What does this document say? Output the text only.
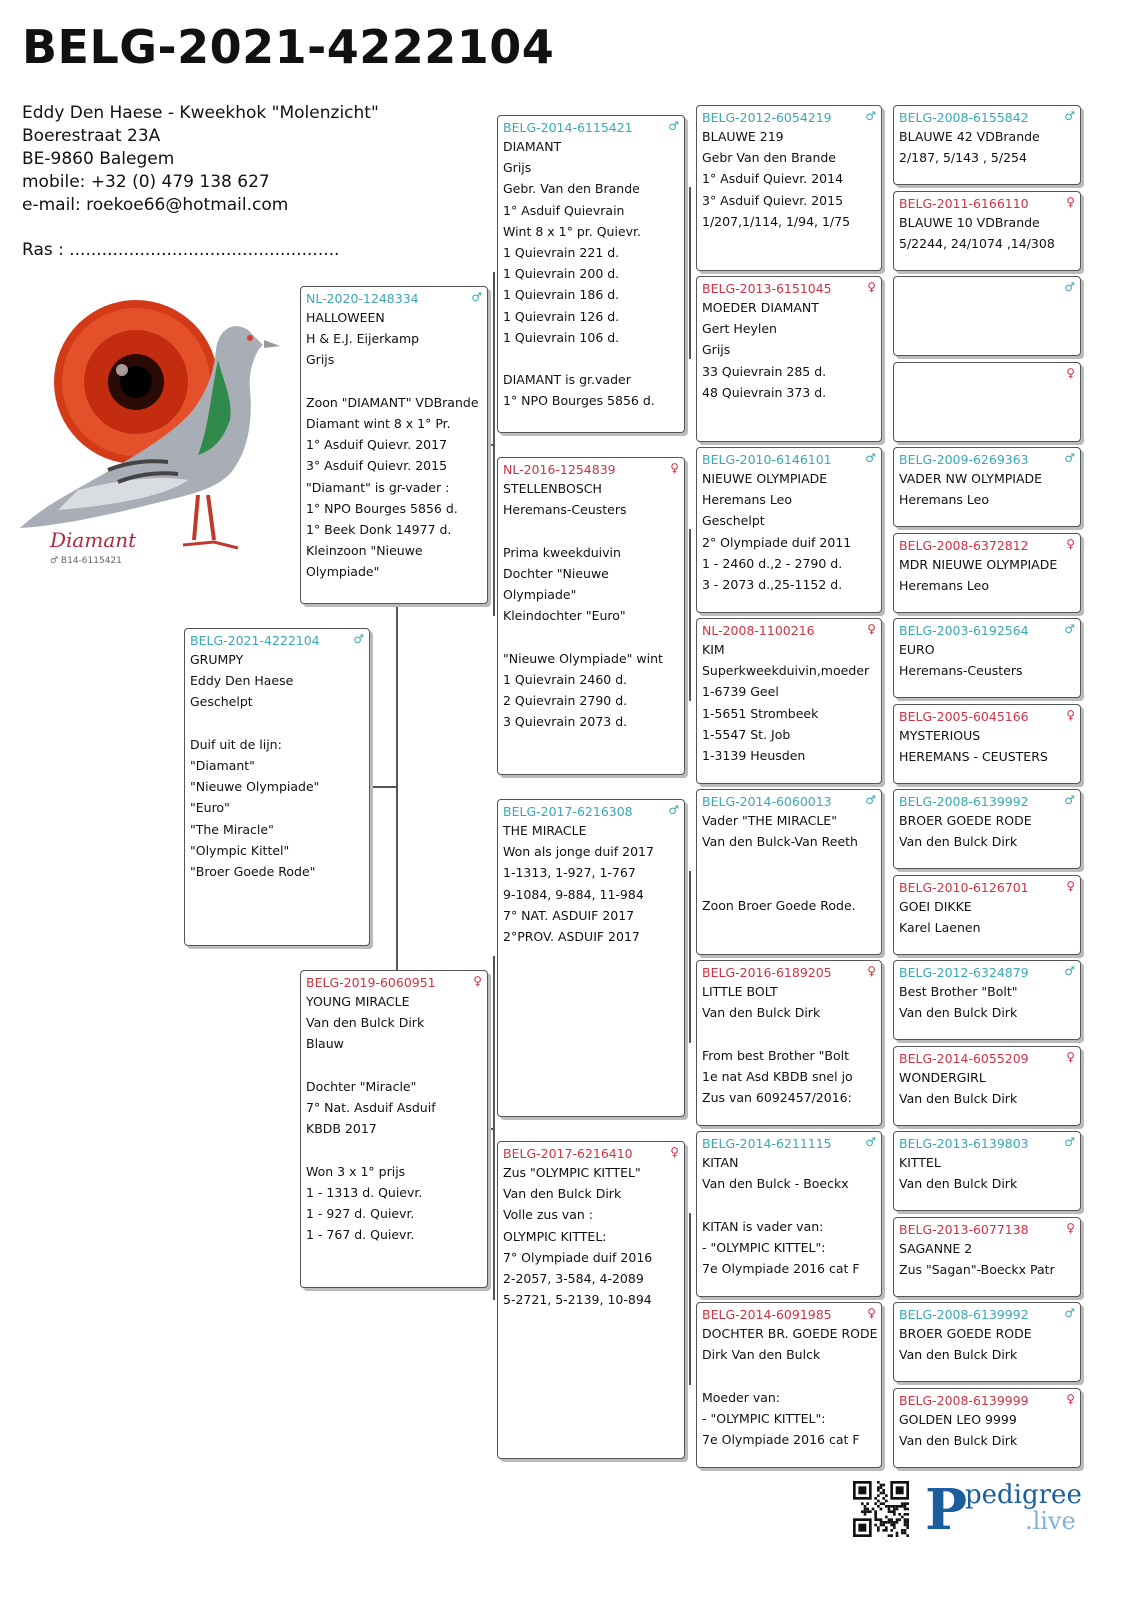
BELG-2021-4222104
Eddy Den Haese - Kweekhok "Molenzicht"
Boerestraat 23A
BE-9860 Balegem
mobile: +32 (0) 479 138 627
e-mail: roekoe66@hotmail.com
Ras : ..................................................
Diamant
♂ B14-6115421
BELG-2021-4222104	♂
GRUMPY
Eddy Den Haese
Geschelpt
Duif uit de lijn:
"Diamant"
"Nieuwe Olympiade"
"Euro"
"The Miracle"
"Olympic Kittel"
"Broer Goede Rode"
NL-2020-1248334	♂
HALLOWEEN
H & E.J. Eijerkamp
Grijs
Zoon "DIAMANT" VDBrande
Diamant wint 8 x 1° Pr.
1° Asduif Quievr. 2017
3° Asduif Quievr. 2015
"Diamant" is gr-vader :
1° NPO Bourges 5856 d.
1° Beek Donk 14977 d.
Kleinzoon "Nieuwe
Olympiade"
BELG-2019-6060951	♀
YOUNG MIRACLE
Van den Bulck Dirk
Blauw
Dochter "Miracle"
7° Nat. Asduif Asduif
KBDB 2017
Won 3 x 1° prijs
1 - 1313 d. Quievr.
1 - 927 d. Quievr.
1 - 767 d. Quievr.
BELG-2014-6115421	♂
DIAMANT
Grijs
Gebr. Van den Brande
1° Asduif Quievrain
Wint 8 x 1° pr. Quievr.
1 Quievrain 221 d.
1 Quievrain 200 d.
1 Quievrain 186 d.
1 Quievrain 126 d.
1 Quievrain 106 d.
DIAMANT is gr.vader
1° NPO Bourges 5856 d.
NL-2016-1254839	♀
STELLENBOSCH
Heremans-Ceusters
Prima kweekduivin
Dochter "Nieuwe
Olympiade"
Kleindochter "Euro"
"Nieuwe Olympiade" wint
1 Quievrain 2460 d.
2 Quievrain 2790 d.
3 Quievrain 2073 d.
BELG-2017-6216308	♂
THE MIRACLE
Won als jonge duif 2017
1-1313, 1-927, 1-767
9-1084, 9-884, 11-984
7° NAT. ASDUIF 2017
2°PROV. ASDUIF 2017
BELG-2017-6216410	♀
Zus "OLYMPIC KITTEL"
Van den Bulck Dirk
Volle zus van :
OLYMPIC KITTEL:
7° Olympiade duif 2016
2-2057, 3-584, 4-2089
5-2721, 5-2139, 10-894
BELG-2012-6054219	♂
BLAUWE 219
Gebr Van den Brande
1° Asduif Quievr. 2014
3° Asduif Quievr. 2015
1/207,1/114, 1/94, 1/75
BELG-2013-6151045	♀
MOEDER DIAMANT
Gert Heylen
Grijs
33 Quievrain 285 d.
48 Quievrain 373 d.
BELG-2010-6146101	♂
NIEUWE OLYMPIADE
Heremans Leo
Geschelpt
2° Olympiade duif 2011
1 - 2460 d.,2 - 2790 d.
3 - 2073 d.,25-1152 d.
NL-2008-1100216	♀
KIM
Superkweekduivin,moeder
1-6739 Geel
1-5651 Strombeek
1-5547 St. Job
1-3139 Heusden
BELG-2014-6060013	♂
Vader "THE MIRACLE"
Van den Bulck-Van Reeth
Zoon Broer Goede Rode.
BELG-2016-6189205	♀
LITTLE BOLT
Van den Bulck Dirk
From best Brother "Bolt
1e nat Asd KBDB snel jo
Zus van 6092457/2016:
BELG-2014-6211115	♂
KITAN
Van den Bulck - Boeckx
KITAN is vader van:
- "OLYMPIC KITTEL":
7e Olympiade 2016 cat F
BELG-2014-6091985	♀
DOCHTER BR. GOEDE RODE
Dirk Van den Bulck
Moeder van:
- "OLYMPIC KITTEL":
7e Olympiade 2016 cat F
BELG-2008-6155842	♂
BLAUWE 42 VDBrande
2/187, 5/143 , 5/254
BELG-2011-6166110	♀
BLAUWE 10 VDBrande
5/2244, 24/1074 ,14/308
♂
♀
BELG-2009-6269363	♂
VADER NW OLYMPIADE
Heremans Leo
BELG-2008-6372812	♀
MDR NIEUWE OLYMPIADE
Heremans Leo
BELG-2003-6192564	♂
EURO
Heremans-Ceusters
BELG-2005-6045166	♀
MYSTERIOUS
HEREMANS - CEUSTERS
BELG-2008-6139992	♂
BROER GOEDE RODE
Van den Bulck Dirk
BELG-2010-6126701	♀
GOEI DIKKE
Karel Laenen
BELG-2012-6324879	♂
Best Brother "Bolt"
Van den Bulck Dirk
BELG-2014-6055209	♀
WONDERGIRL
Van den Bulck Dirk
BELG-2013-6139803	♂
KITTEL
Van den Bulck Dirk
BELG-2013-6077138	♀
SAGANNE 2
Zus "Sagan"-Boeckx Patr
BELG-2008-6139992	♂
BROER GOEDE RODE
Van den Bulck Dirk
BELG-2008-6139999	♀
GOLDEN LEO 9999
Van den Bulck Dirk
P
pedigree
.live
